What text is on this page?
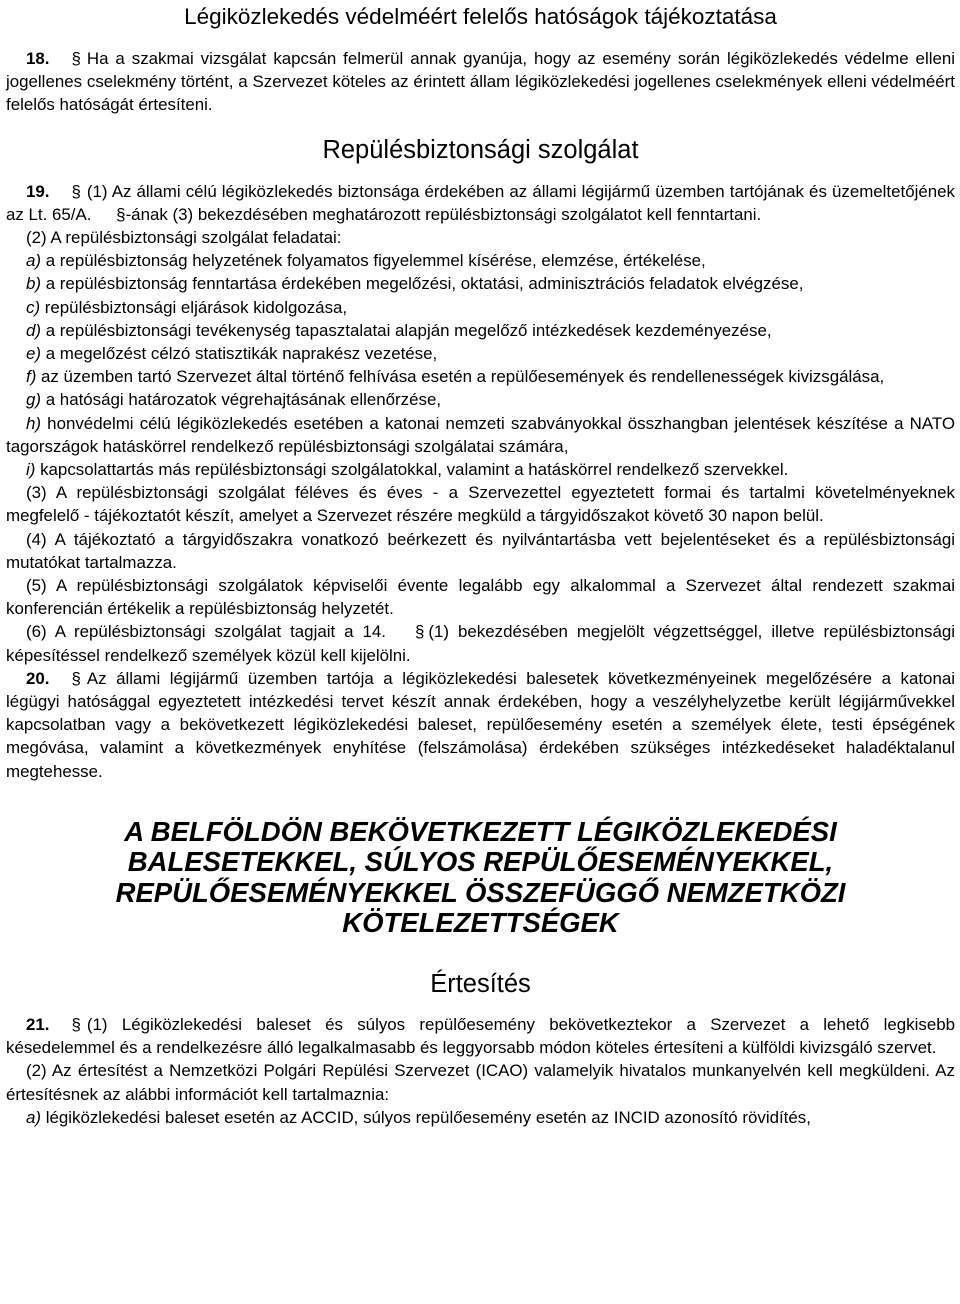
Légiközlekedés védelméért felelős hatóságok tájékoztatása

18. § Ha a szakmai vizsgálat kapcsán felmerül annak gyanúja, hogy az esemény során légiközlekedés védelme elleni jogellenes cselekmény történt, a Szervezet köteles az érintett állam légiközlekedési jogellenes cselekmények elleni védelméért felelős hatóságát értesíteni.

Repülésbiztonsági szolgálat

19. § (1) Az állami célú légiközlekedés biztonsága érdekében az állami légijármű üzemben tartójának és üzemeltetőjének az Lt. 65/A. §-ának (3) bekezdésében meghatározott repülésbiztonsági szolgálatot kell fenntartani.

(2) A repülésbiztonsági szolgálat feladatai:

a) a repülésbiztonság helyzetének folyamatos figyelemmel kísérése, elemzése, értékelése,

b) a repülésbiztonság fenntartása érdekében megelőzési, oktatási, adminisztrációs feladatok elvégzése,

c) repülésbiztonsági eljárások kidolgozása,

d) a repülésbiztonsági tevékenység tapasztalatai alapján megelőző intézkedések kezdeményezése,

e) a megelőzést célzó statisztikák naprakész vezetése,

f) az üzemben tartó Szervezet által történő felhívása esetén a repülőesemények és rendellenességek kivizsgálása,

g) a hatósági határozatok végrehajtásának ellenőrzése,

h) honvédelmi célú légiközlekedés esetében a katonai nemzeti szabványokkal összhangban jelentések készítése a NATO tagországok hatáskörrel rendelkező repülésbiztonsági szolgálatai számára,

i) kapcsolattartás más repülésbiztonsági szolgálatokkal, valamint a hatáskörrel rendelkező szervekkel.

(3) A repülésbiztonsági szolgálat féléves és éves - a Szervezettel egyeztetett formai és tartalmi követelményeknek megfelelő - tájékoztatót készít, amelyet a Szervezet részére megküld a tárgyidőszakot követő 30 napon belül.

(4) A tájékoztató a tárgyidőszakra vonatkozó beérkezett és nyilvántartásba vett bejelentéseket és a repülésbiztonsági mutatókat tartalmazza.

(5) A repülésbiztonsági szolgálatok képviselői évente legalább egy alkalommal a Szervezet által rendezett szakmai konferencián értékelik a repülésbiztonság helyzetét.

(6) A repülésbiztonsági szolgálat tagjait a 14. § (1) bekezdésében megjelölt végzettséggel, illetve repülésbiztonsági képesítéssel rendelkező személyek közül kell kijelölni.

20. § Az állami légijármű üzemben tartója a légiközlekedési balesetek következményeinek megelőzésére a katonai légügyi hatósággal egyeztetett intézkedési tervet készít annak érdekében, hogy a veszélyhelyzetbe került légijárművekkel kapcsolatban vagy a bekövetkezett légiközlekedési baleset, repülőesemény esetén a személyek élete, testi épségének megóvása, valamint a következmények enyhítése (felszámolása) érdekében szükséges intézkedéseket haladéktalanul megtehesse.

A BELFÖLDÖN BEKÖVETKEZETT LÉGIKÖZLEKEDÉSI

BALESETEKKEL, SÚLYOS REPÜLŐESEMÉNYEKKEL,

REPÜLŐESEMÉNYEKKEL ÖSSZEFÜGGŐ NEMZETKÖZI

KÖTELEZETTSÉGEK

Értesítés

21. § (1) Légiközlekedési baleset és súlyos repülőesemény bekövetkeztekor a Szervezet a lehető legkisebb késedelemmel és a rendelkezésre álló legalkalmasabb és leggyorsabb módon köteles értesíteni a külföldi kivizsgáló szervet.

(2) Az értesítést a Nemzetközi Polgári Repülési Szervezet (ICAO) valamelyik hivatalos munkanyelvén kell megküldeni. Az értesítésnek az alábbi információt kell tartalmaznia:

a) légiközlekedési baleset esetén az ACCID, súlyos repülőesemény esetén az INCID azonosító rövidítés,
